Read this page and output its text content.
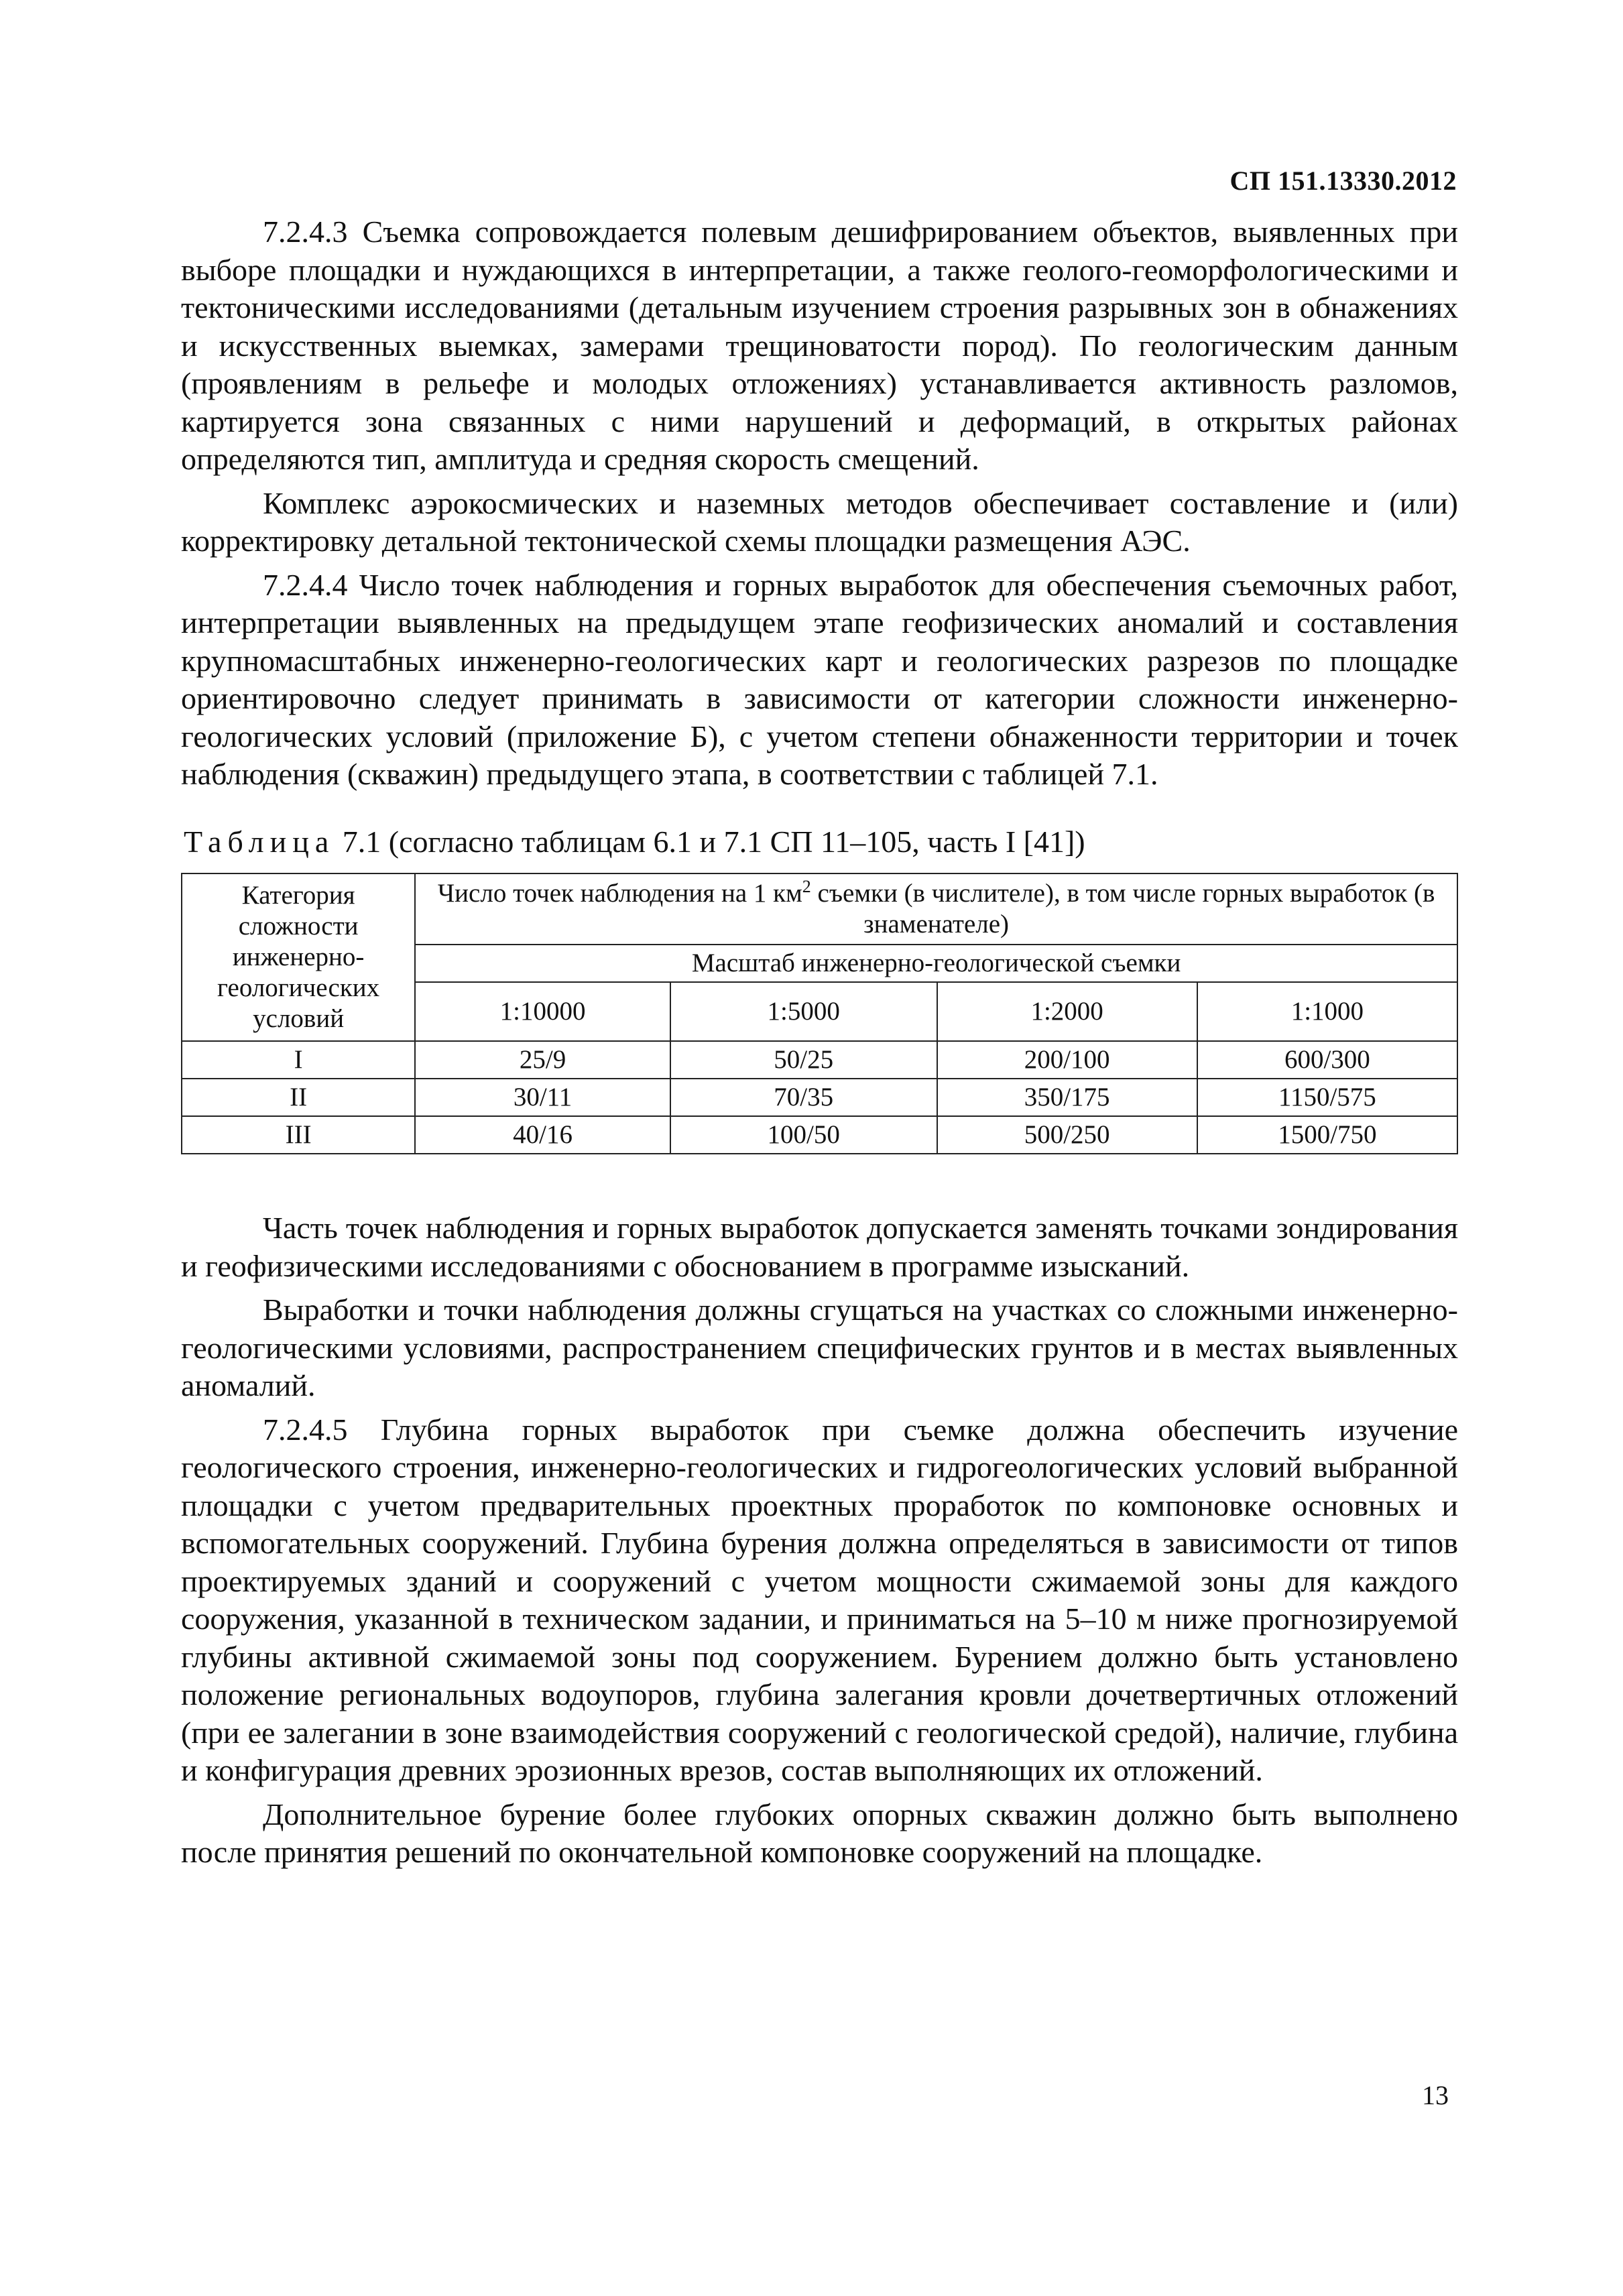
СП 151.13330.2012

7.2.4.3 Съемка сопровождается полевым дешифрированием объектов, выявленных при выборе площадки и нуждающихся в интерпретации, а также геолого-геоморфологическими и тектоническими исследованиями (детальным изучением строения разрывных зон в обнажениях и искусственных выемках, замерами трещиноватости пород). По геологическим данным (проявлениям в рельефе и молодых отложениях) устанавливается активность разломов, картируется зона связанных с ними нарушений и деформаций, в открытых районах определяются тип, амплитуда и средняя скорость смещений.

Комплекс аэрокосмических и наземных методов обеспечивает составление и (или) корректировку детальной тектонической схемы площадки размещения АЭС.

7.2.4.4 Число точек наблюдения и горных выработок для обеспечения съемочных работ, интерпретации выявленных на предыдущем этапе геофизических аномалий и составления крупномасштабных инженерно-геологических карт и геологических разрезов по площадке ориентировочно следует принимать в зависимости от категории сложности инженерно-геологических условий (приложение Б), с учетом степени обнаженности территории и точек наблюдения (скважин) предыдущего этапа, в соответствии с таблицей 7.1.

Таблица 7.1 (согласно таблицам 6.1 и 7.1 СП 11–105, часть I [41])
Категория сложности инженерно-геологических условий	Число точек наблюдения на 1 $км^2$ съемки (в числителе), в том числе горных выработок (в знаменателе)			
	Масштаб инженерно-геологической съемки			
	1:10000	1:5000	1:2000	1:1000
I	25/9	50/25	200/100	600/300
II	30/11	70/35	350/175	1150/575
III	40/16	100/50	500/250	1500/750

Часть точек наблюдения и горных выработок допускается заменять точками зондирования и геофизическими исследованиями с обоснованием в программе изысканий.

Выработки и точки наблюдения должны сгущаться на участках со сложными инженерно-геологическими условиями, распространением специфических грунтов и в местах выявленных аномалий.

7.2.4.5 Глубина горных выработок при съемке должна обеспечить изучение геологического строения, инженерно-геологических и гидрогеологических условий выбранной площадки с учетом предварительных проектных проработок по компоновке основных и вспомогательных сооружений. Глубина бурения должна определяться в зависимости от типов проектируемых зданий и сооружений с учетом мощности сжимаемой зоны для каждого сооружения, указанной в техническом задании, и приниматься на 5–10 м ниже прогнозируемой глубины активной сжимаемой зоны под сооружением. Бурением должно быть установлено положение региональных водоупоров, глубина залегания кровли дочетвертичных отложений (при ее залегании в зоне взаимодействия сооружений с геологической средой), наличие, глубина и конфигурация древних эрозионных врезов, состав выполняющих их отложений.

Дополнительное бурение более глубоких опорных скважин должно быть выполнено после принятия решений по окончательной компоновке сооружений на площадке.

13
